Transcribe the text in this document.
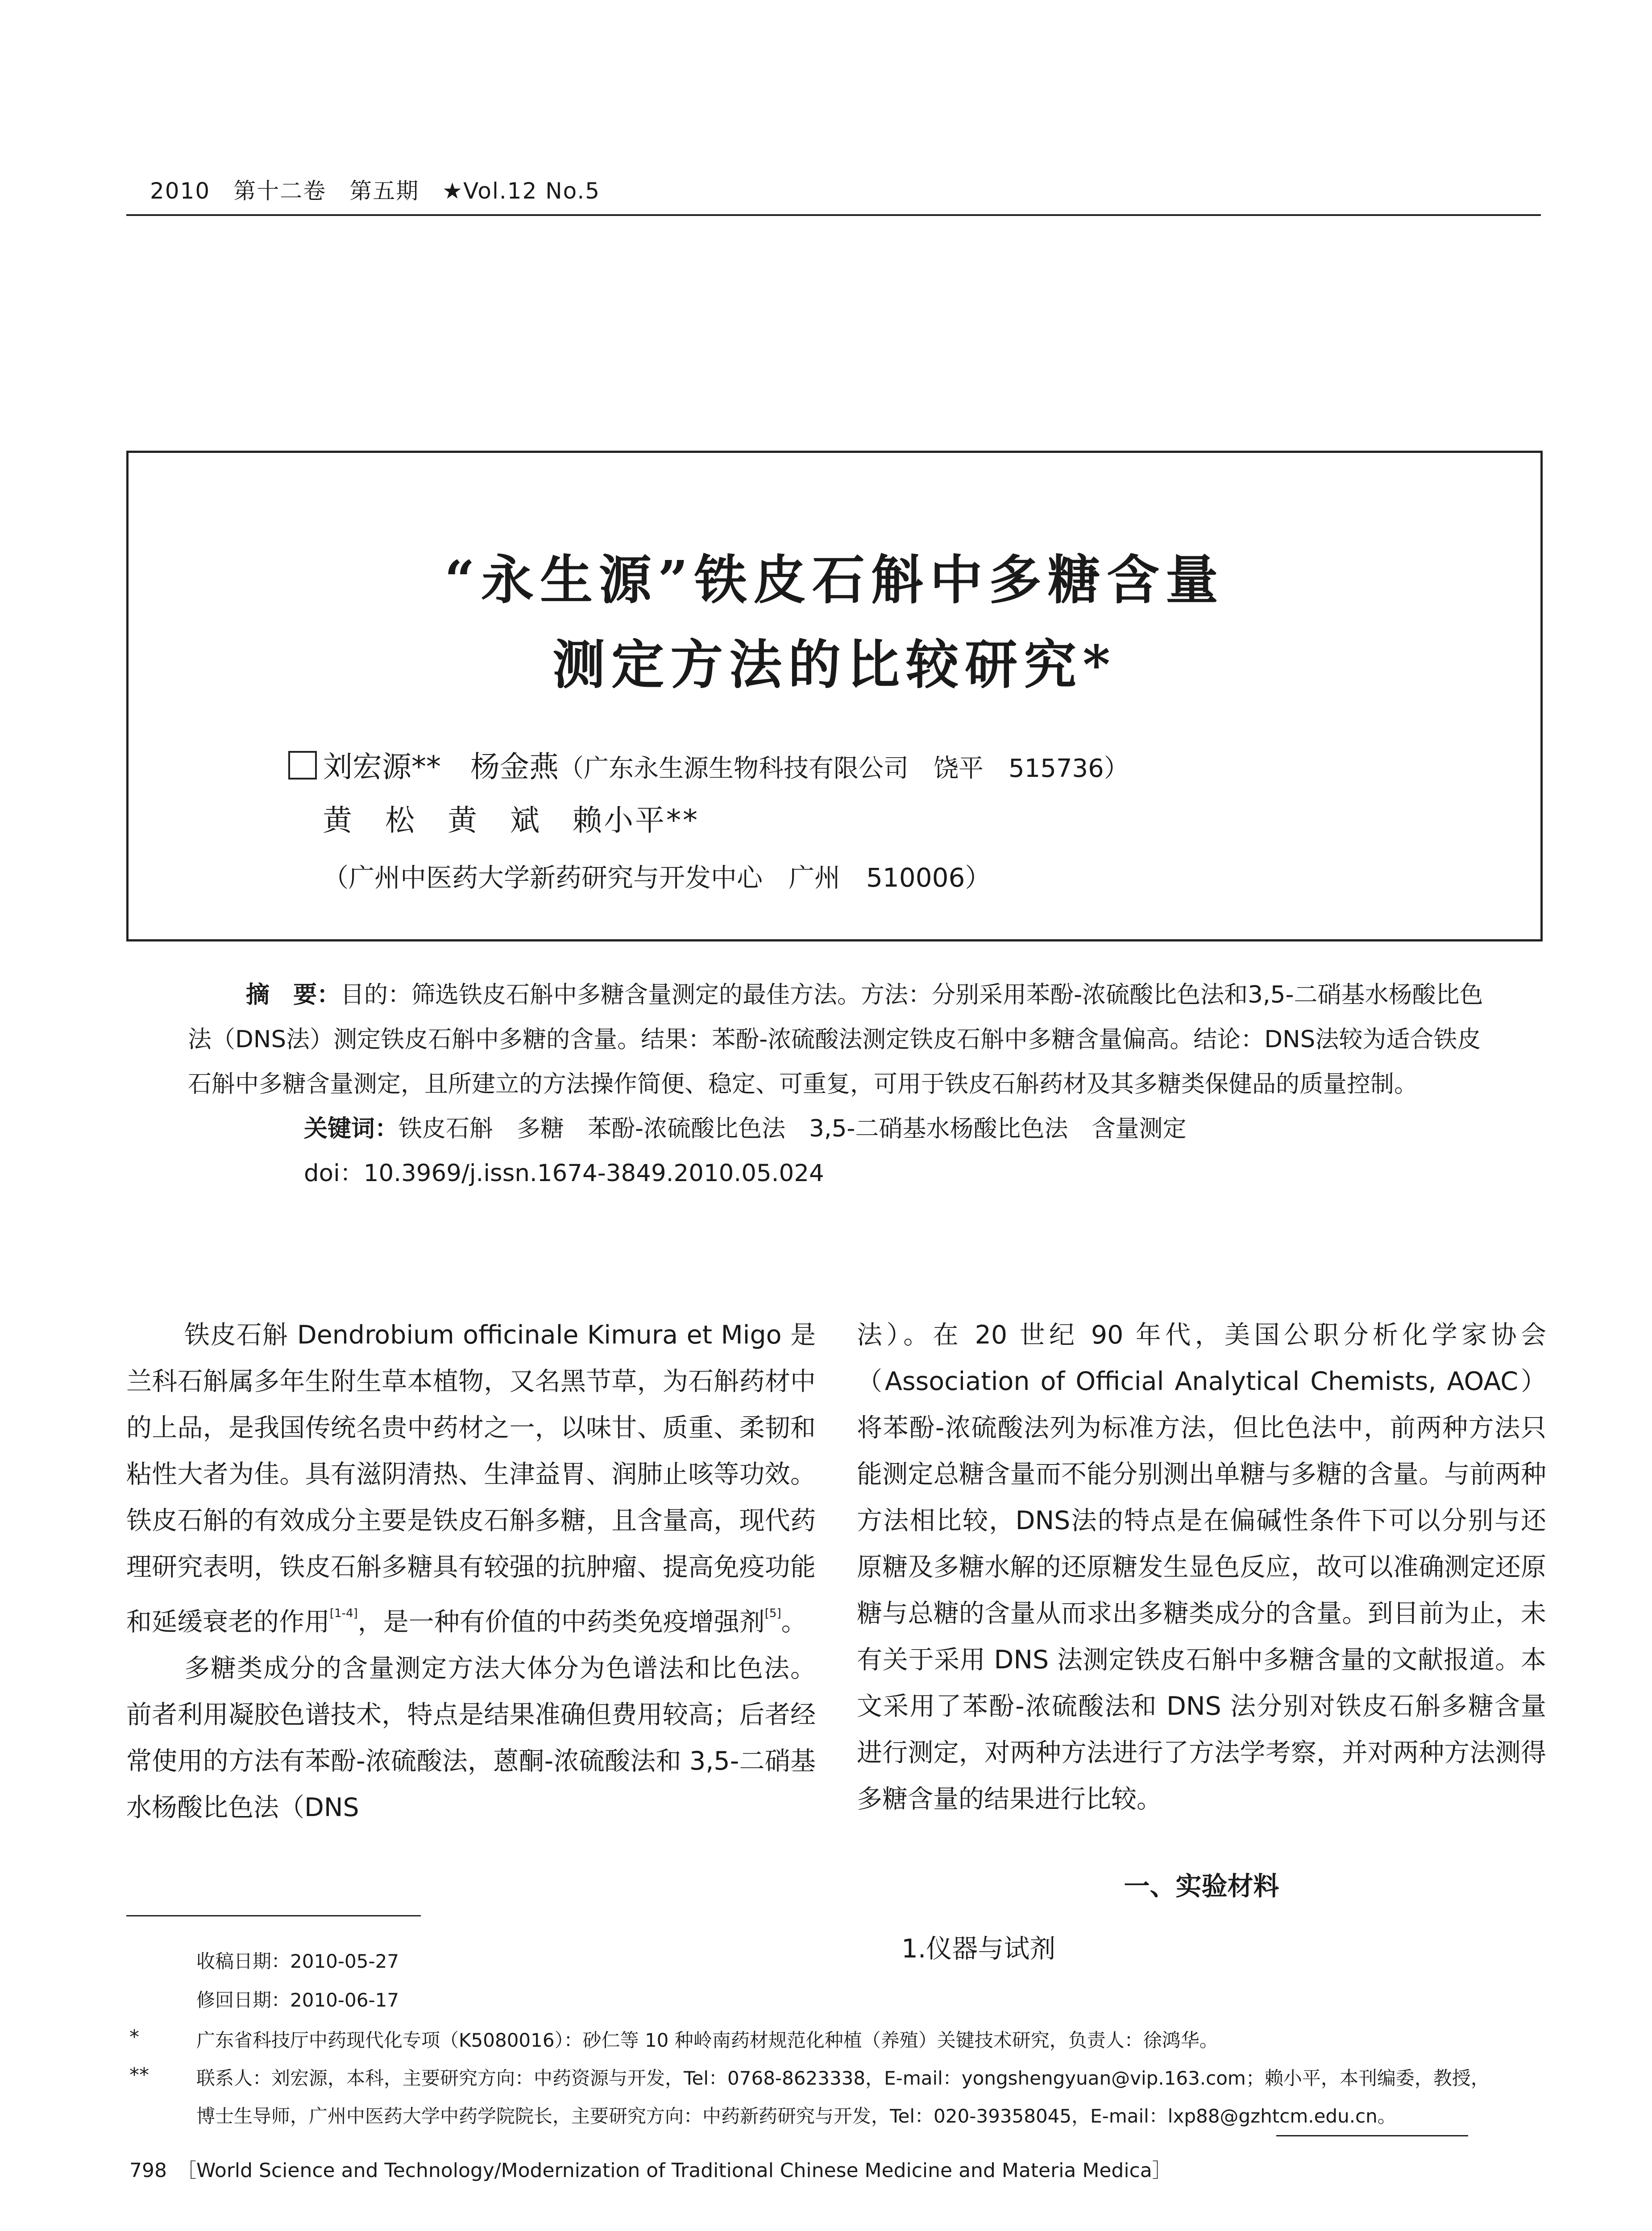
2010　第十二卷　第五期　★Vol.12 No.5
“永生源”铁皮石斛中多糖含量
测定方法的比较研究*
刘宏源**　杨金燕（广东永生源生物科技有限公司　饶平　515736）
黄　松　黄　斌　赖小平**
（广州中医药大学新药研究与开发中心　广州　510006）

摘　要：目的：筛选铁皮石斛中多糖含量测定的最佳方法。方法：分别采用苯酚-浓硫酸比色法和3,5-二硝基水杨酸比色法（DNS法）测定铁皮石斛中多糖的含量。结果：苯酚-浓硫酸法测定铁皮石斛中多糖含量偏高。结论：DNS法较为适合铁皮石斛中多糖含量测定，且所建立的方法操作简便、稳定、可重复，可用于铁皮石斛药材及其多糖类保健品的质量控制。

关键词：铁皮石斛　多糖　苯酚-浓硫酸比色法　3,5-二硝基水杨酸比色法　含量测定

doi：10.3969/j.issn.1674-3849.2010.05.024

铁皮石斛 Dendrobium officinale Kimura et Migo 是兰科石斛属多年生附生草本植物，又名黑节草，为石斛药材中的上品，是我国传统名贵中药材之一，以味甘、质重、柔韧和粘性大者为佳。具有滋阴清热、生津益胃、润肺止咳等功效。铁皮石斛的有效成分主要是铁皮石斛多糖，且含量高，现代药理研究表明，铁皮石斛多糖具有较强的抗肿瘤、提高免疫功能和延缓衰老的作用[1-4]，是一种有价值的中药类免疫增强剂[5]。

多糖类成分的含量测定方法大体分为色谱法和比色法。前者利用凝胶色谱技术，特点是结果准确但费用较高；后者经常使用的方法有苯酚-浓硫酸法，蒽酮-浓硫酸法和 3,5-二硝基水杨酸比色法（DNS

法）。在 20 世纪 90 年代，美国公职分析化学家协会（Association of Official Analytical Chemists, AOAC）将苯酚-浓硫酸法列为标准方法，但比色法中，前两种方法只能测定总糖含量而不能分别测出单糖与多糖的含量。与前两种方法相比较，DNS法的特点是在偏碱性条件下可以分别与还原糖及多糖水解的还原糖发生显色反应，故可以准确测定还原糖与总糖的含量从而求出多糖类成分的含量。到目前为止，未有关于采用 DNS 法测定铁皮石斛中多糖含量的文献报道。本文采用了苯酚-浓硫酸法和 DNS 法分别对铁皮石斛多糖含量进行测定，对两种方法进行了方法学考察，并对两种方法测得多糖含量的结果进行比较。

一、实验材料
1.仪器与试剂
收稿日期：2010-05-27
修回日期：2010-06-17
*	广东省科技厅中药现代化专项（K5080016）：砂仁等 10 种岭南药材规范化种植（养殖）关键技术研究，负责人：徐鸿华。
**	联系人：刘宏源，本科，主要研究方向：中药资源与开发，Tel：0768-8623338，E-mail：yongshengyuan@vip.163.com；赖小平，本刊编委，教授，
博士生导师，广州中医药大学中药学院院长，主要研究方向：中药新药研究与开发，Tel：020-39358045，E-mail：lxp88@gzhtcm.edu.cn。
798　［World Science and Technology/Modernization of Traditional Chinese Medicine and Materia Medica］
